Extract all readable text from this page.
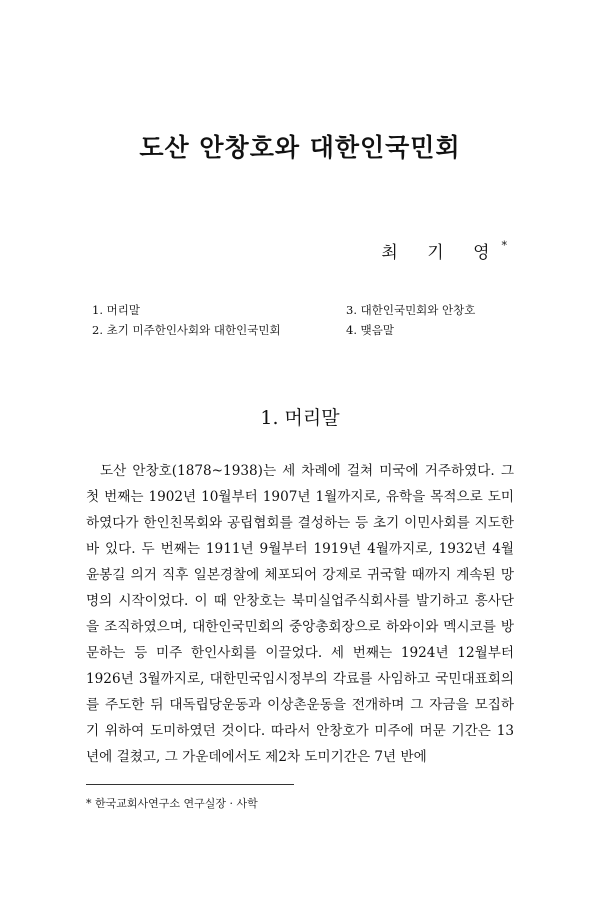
도산 안창호와 대한인국민회
최 기 영*
1. 머리말
2. 초기 미주한인사회와 대한인국민회
3. 대한인국민회와 안창호
4. 맺음말
1. 머리말

도산 안창호(1878~1938)는 세 차례에 걸쳐 미국에 거주하였다. 그 첫 번째는 1902년 10월부터 1907년 1월까지로, 유학을 목적으로 도미하였다가 한인친목회와 공립협회를 결성하는 등 초기 이민사회를 지도한 바 있다. 두 번째는 1911년 9월부터 1919년 4월까지로, 1932년 4월 윤봉길 의거 직후 일본경찰에 체포되어 강제로 귀국할 때까지 계속된 망명의 시작이었다. 이 때 안창호는 북미실업주식회사를 발기하고 흥사단을 조직하였으며, 대한인국민회의 중앙총회장으로 하와이와 멕시코를 방문하는 등 미주 한인사회를 이끌었다. 세 번째는 1924년 12월부터 1926년 3월까지로, 대한민국임시정부의 각료를 사임하고 국민대표회의를 주도한 뒤 대독립당운동과 이상촌운동을 전개하며 그 자금을 모집하기 위하여 도미하였던 것이다. 따라서 안창호가 미주에 머문 기간은 13년에 걸쳤고, 그 가운데에서도 제2차 도미기간은 7년 반에

* 한국교회사연구소 연구실장 · 사학
